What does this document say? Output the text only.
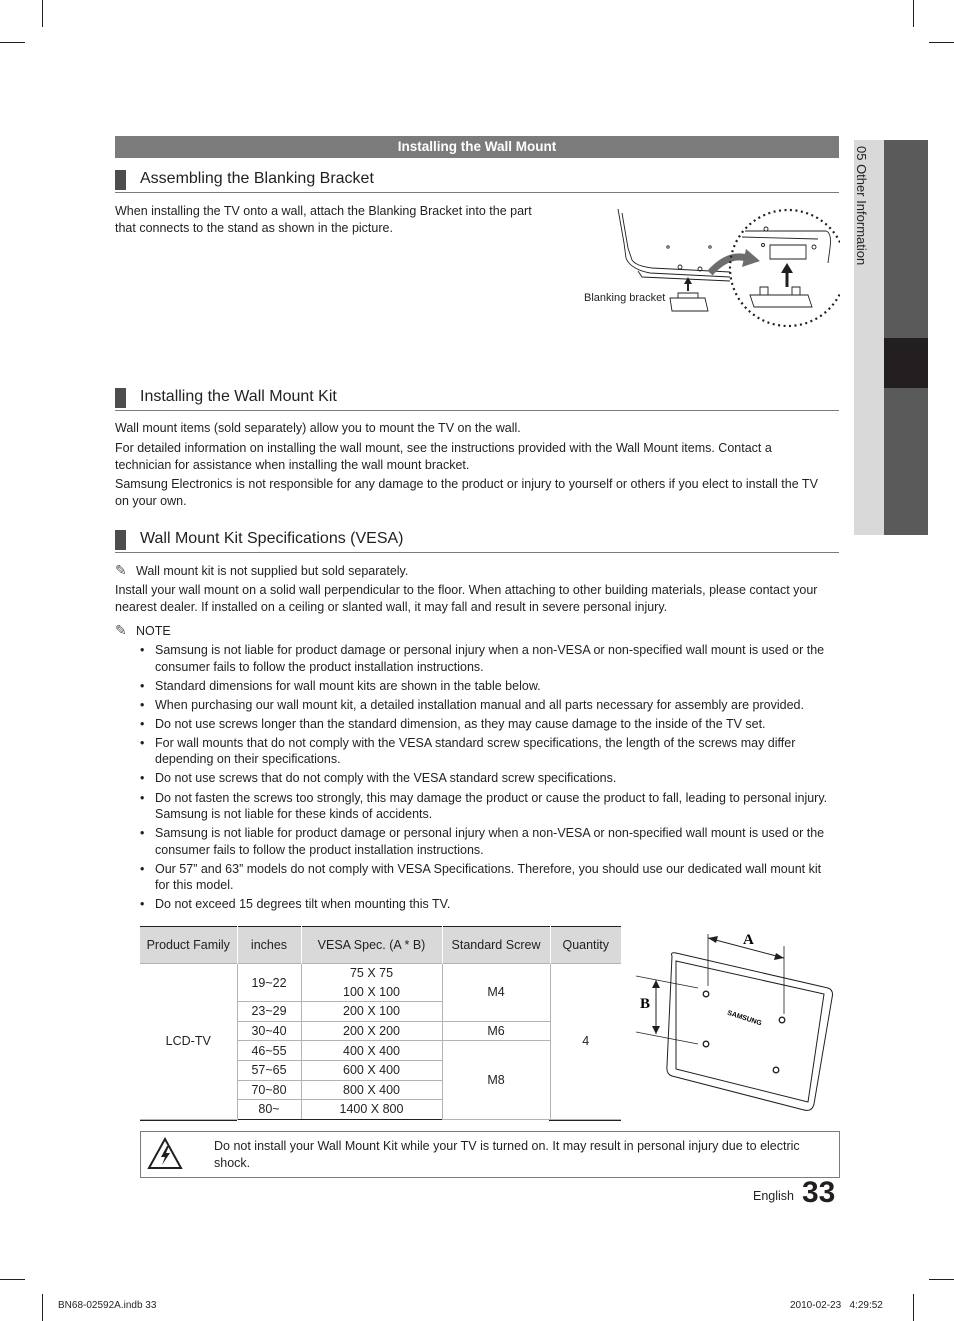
05 Other Information
Installing the Wall Mount
Assembling the Blanking Bracket
When installing the TV onto a wall, attach the Blanking Bracket into the part that connects to the stand as shown in the picture.
Blanking bracket
Installing the Wall Mount Kit
Wall mount items (sold separately) allow you to mount the TV on the wall.
For detailed information on installing the wall mount, see the instructions provided with the Wall Mount items. Contact a technician for assistance when installing the wall mount bracket.
Samsung Electronics is not responsible for any damage to the product or injury to yourself or others if you elect to install the TV on your own.
Wall Mount Kit Specifications (VESA)
✎ Wall mount kit is not supplied but sold separately.
Install your wall mount on a solid wall perpendicular to the floor. When attaching to other building materials, please contact your nearest dealer. If installed on a ceiling or slanted wall, it may fall and result in severe personal injury.
✎ NOTE
• Samsung is not liable for product damage or personal injury when a non-VESA or non-specified wall mount is used or the consumer fails to follow the product installation instructions.
• Standard dimensions for wall mount kits are shown in the table below.
• When purchasing our wall mount kit, a detailed installation manual and all parts necessary for assembly are provided.
• Do not use screws longer than the standard dimension, as they may cause damage to the inside of the TV set.
• For wall mounts that do not comply with the VESA standard screw specifications, the length of the screws may differ depending on their specifications.
• Do not use screws that do not comply with the VESA standard screw specifications.
• Do not fasten the screws too strongly, this may damage the product or cause the product to fall, leading to personal injury. Samsung is not liable for these kinds of accidents.
• Samsung is not liable for product damage or personal injury when a non-VESA or non-specified wall mount is used or the consumer fails to follow the product installation instructions.
• Our 57” and 63” models do not comply with VESA Specifications. Therefore, you should use our dedicated wall mount kit for this model.
• Do not exceed 15 degrees tilt when mounting this TV.
Product Family	inches	VESA Spec. (A * B)	Standard Screw	Quantity
LCD-TV	19~22	75 X 75	M4	4
		100 X 100		
	23~29	200 X 100		
	30~40	200 X 200	M6	
	46~55	400 X 400	M8	
	57~65	600 X 400		
	70~80	800 X 400		
	80~	1400 X 800		
A
B
SAMSUNG
Do not install your Wall Mount Kit while your TV is turned on. It may result in personal injury due to electric shock.
English 33
BN68-02592A.indb 33	2010-02-23   4:29:52
